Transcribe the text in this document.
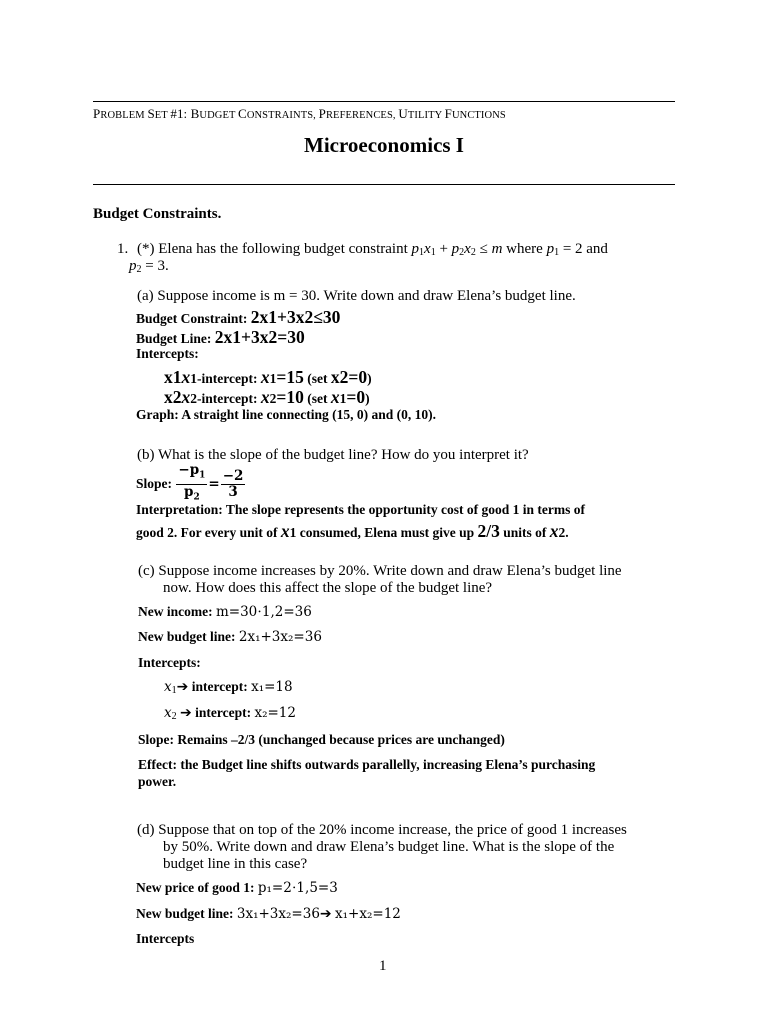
PROBLEM SET #1: BUDGET CONSTRAINTS, PREFERENCES, UTILITY FUNCTIONS
Microeconomics I
Budget Constraints.
1. (*) Elena has the following budget constraint $p_1x_1 + p_2x_2 \le m$ where $p_1 = 2$ and
$p_2 = 3$.
(a) Suppose income is m = 30. Write down and draw Elena’s budget line.
Budget Constraint: 2x1+3x2≤30
Budget Line: 2x1+3x2=30
Intercepts:
x1x1-intercept: x1=15 (set x2=0)
x2x2-intercept: x2=10 (set x1=0)
Graph: A straight line connecting (15, 0) and (0, 10).
(b) What is the slope of the budget line? How do you interpret it?
Slope: $\frac{-p_1}{p_2} = \frac{-2}{3}$
Interpretation: The slope represents the opportunity cost of good 1 in terms of
good 2. For every unit of x1 consumed, Elena must give up 2/3 units of x2.
(c) Suppose income increases by 20%. Write down and draw Elena’s budget line
now. How does this affect the slope of the budget line?
New income: m=30⋅1,2=36
New budget line: 2x₁+3x₂=36
Intercepts:
$x_1➔$ intercept: x₁=18
$x_2$ ➔ intercept: x₂=12
Slope: Remains –2/3 (unchanged because prices are unchanged)
Effect: the Budget line shifts outwards parallelly, increasing Elena’s purchasing
power.
(d) Suppose that on top of the 20% income increase, the price of good 1 increases
by 50%. Write down and draw Elena’s budget line. What is the slope of the
budget line in this case?
New price of good 1: p₁=2⋅1,5=3
New budget line: 3x₁+3x₂=36➔ x₁+x₂=12
Intercepts
1
